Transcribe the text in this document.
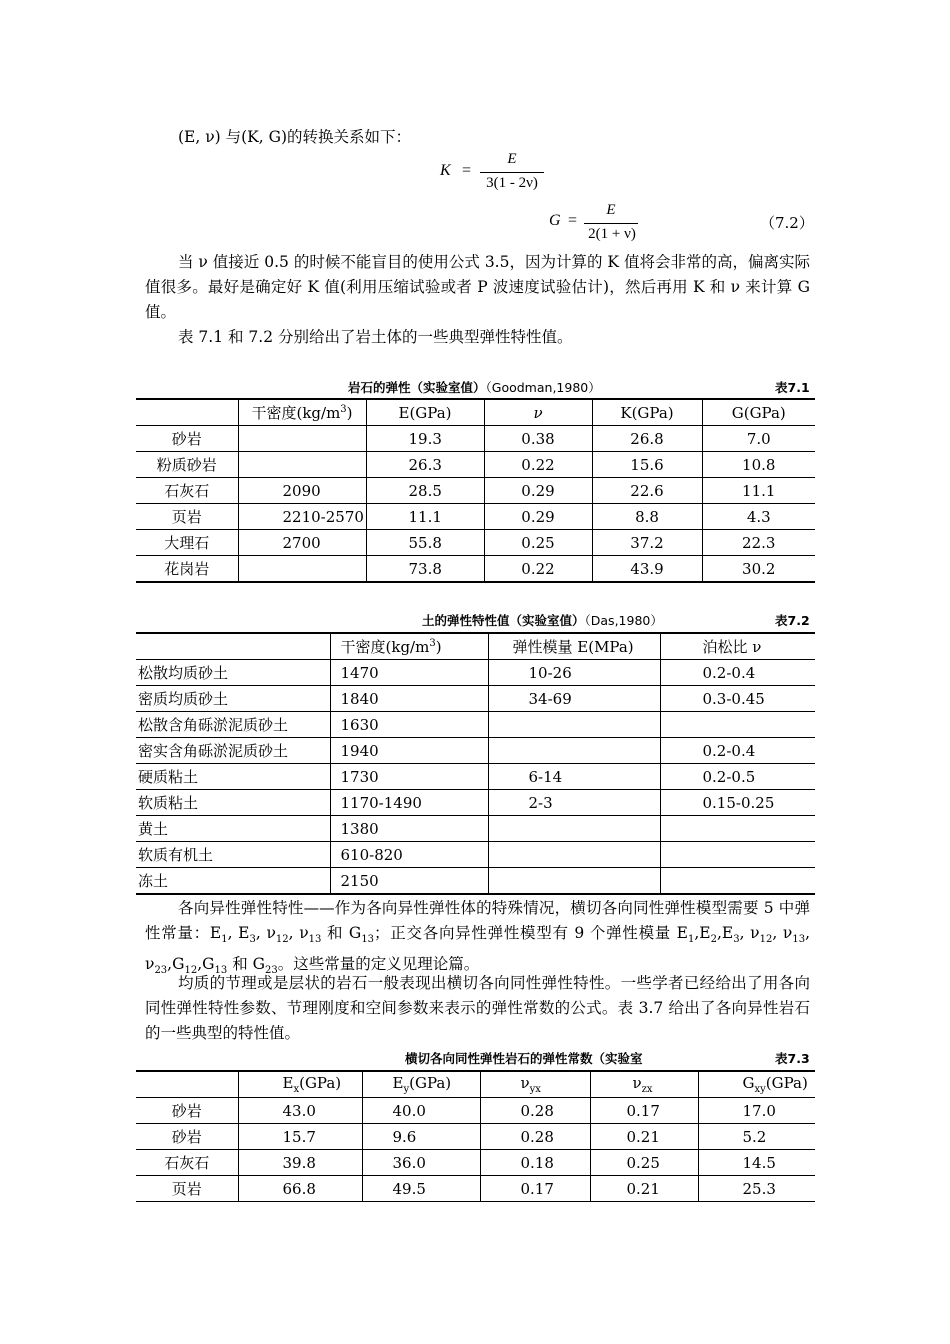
(E, ν) 与(K, G)的转换关系如下：
K =
E
3(1 - 2ν)
G =
E
2(1 + ν)
（7.2）
当 ν 值接近 0.5 的时候不能盲目的使用公式 3.5，因为计算的 K 值将会非常的高，偏离实际值很多。最好是确定好 K 值(利用压缩试验或者 P 波速度试验估计)，然后再用 K 和 ν 来计算 G 值。
表 7.1 和 7.2 分别给出了岩土体的一些典型弹性特性值。
岩石的弹性（实验室值）（Goodman,1980）	表7.1
	干密度$(kg/m^3)$	E(GPa)	ν	K(GPa)	G(GPa)
砂岩		19.3	0.38	26.8	7.0
粉质砂岩		26.3	0.22	15.6	10.8
石灰石	2090	28.5	0.29	22.6	11.1
页岩	2210-2570	11.1	0.29	8.8	4.3
大理石	2700	55.8	0.25	37.2	22.3
花岗岩		73.8	0.22	43.9	30.2
土的弹性特性值（实验室值）（Das,1980）	表7.2
	干密度$(kg/m^3)$	弹性模量 E(MPa)	泊松比 ν
松散均质砂土	1470	10-26	0.2-0.4
密质均质砂土	1840	34-69	0.3-0.45
松散含角砾淤泥质砂土	1630		
密实含角砾淤泥质砂土	1940		0.2-0.4
硬质粘土	1730	6-14	0.2-0.5
软质粘土	1170-1490	2-3	0.15-0.25
黄土	1380		
软质有机土	610-820		
冻土	2150		
各向异性弹性特性——作为各向异性弹性体的特殊情况，横切各向同性弹性模型需要 5 中弹性常量：$E_1$, $E_3$, $\nu_{12}$, $\nu_{13}$ 和 $G_{13}$；正交各向异性弹性模型有 9 个弹性模量 $E_1,E_2,E_3$, $\nu_{12}$, $\nu_{13}$, $\nu_{23},G_{12},G_{13}$ 和 $G_{23}$。这些常量的定义见理论篇。
均质的节理或是层状的岩石一般表现出横切各向同性弹性特性。一些学者已经给出了用各向同性弹性特性参数、节理刚度和空间参数来表示的弹性常数的公式。表 3.7 给出了各向异性岩石的一些典型的特性值。
横切各向同性弹性岩石的弹性常数（实验室	表7.3
	$E_x(GPa)$	$E_y(GPa)$	$\nu_{yx}$	$\nu_{zx}$	$G_{xy}(GPa)$
砂岩	43.0	40.0	0.28	0.17	17.0
砂岩	15.7	9.6	0.28	0.21	5.2
石灰石	39.8	36.0	0.18	0.25	14.5
页岩	66.8	49.5	0.17	0.21	25.3
